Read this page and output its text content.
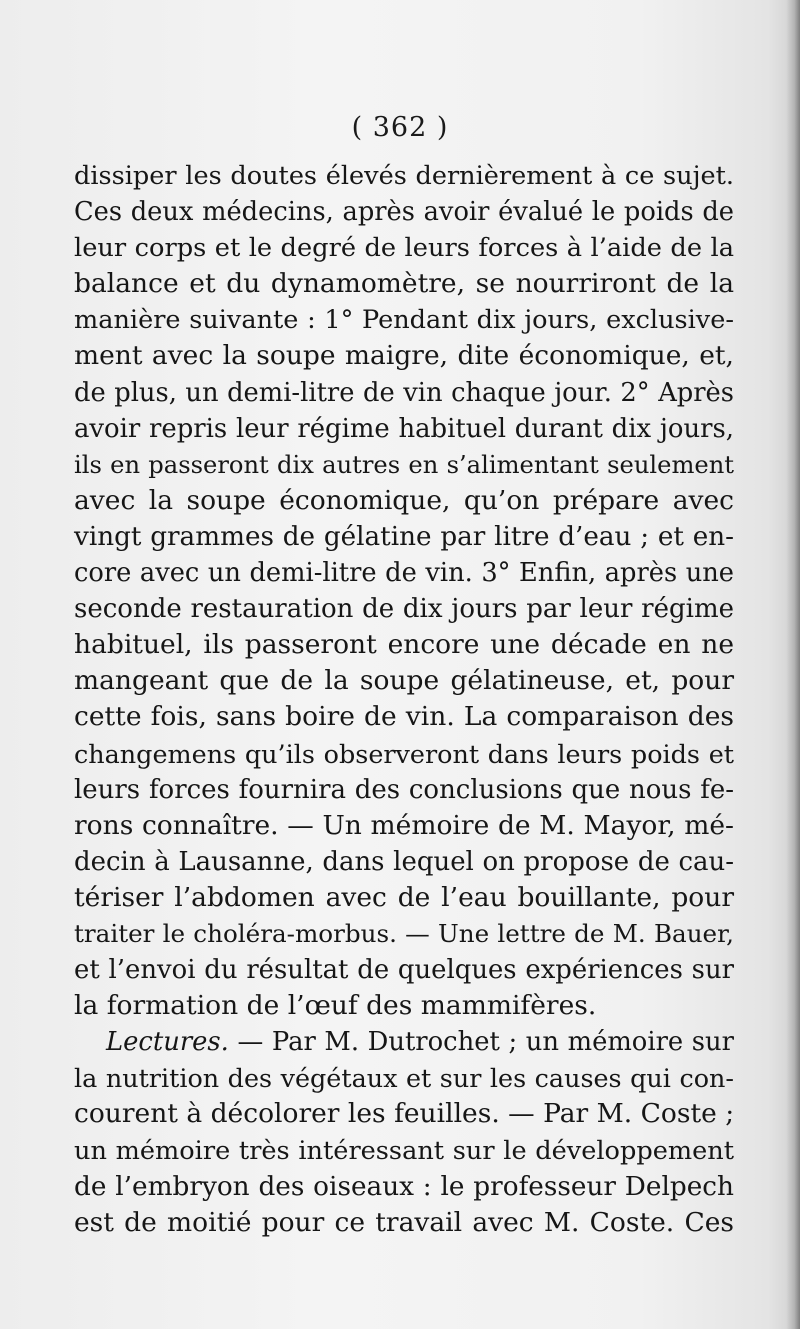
( 362 )
dissiper les doutes élevés dernièrement à ce sujet.
Ces deux médecins, après avoir évalué le poids de
leur corps et le degré de leurs forces à l’aide de la
balance et du dynamomètre, se nourriront de la
manière suivante : 1° Pendant dix jours, exclusive-
ment avec la soupe maigre, dite économique, et,
de plus, un demi-litre de vin chaque jour. 2° Après
avoir repris leur régime habituel durant dix jours,
ils en passeront dix autres en s’alimentant seulement
avec la soupe économique, qu’on prépare avec
vingt grammes de gélatine par litre d’eau ; et en-
core avec un demi-litre de vin. 3° Enfin, après une
seconde restauration de dix jours par leur régime
habituel, ils passeront encore une décade en ne
mangeant que de la soupe gélatineuse, et, pour
cette fois, sans boire de vin. La comparaison des
changemens qu’ils observeront dans leurs poids et
leurs forces fournira des conclusions que nous fe-
rons connaître. — Un mémoire de M. Mayor, mé-
decin à Lausanne, dans lequel on propose de cau-
tériser l’abdomen avec de l’eau bouillante, pour
traiter le choléra-morbus. — Une lettre de M. Bauer,
et l’envoi du résultat de quelques expériences sur
la formation de l’œuf des mammifères.
Lectures. — Par M. Dutrochet ; un mémoire sur
la nutrition des végétaux et sur les causes qui con-
courent à décolorer les feuilles. — Par M. Coste ;
un mémoire très intéressant sur le développement
de l’embryon des oiseaux : le professeur Delpech
est de moitié pour ce travail avec M. Coste. Ces
